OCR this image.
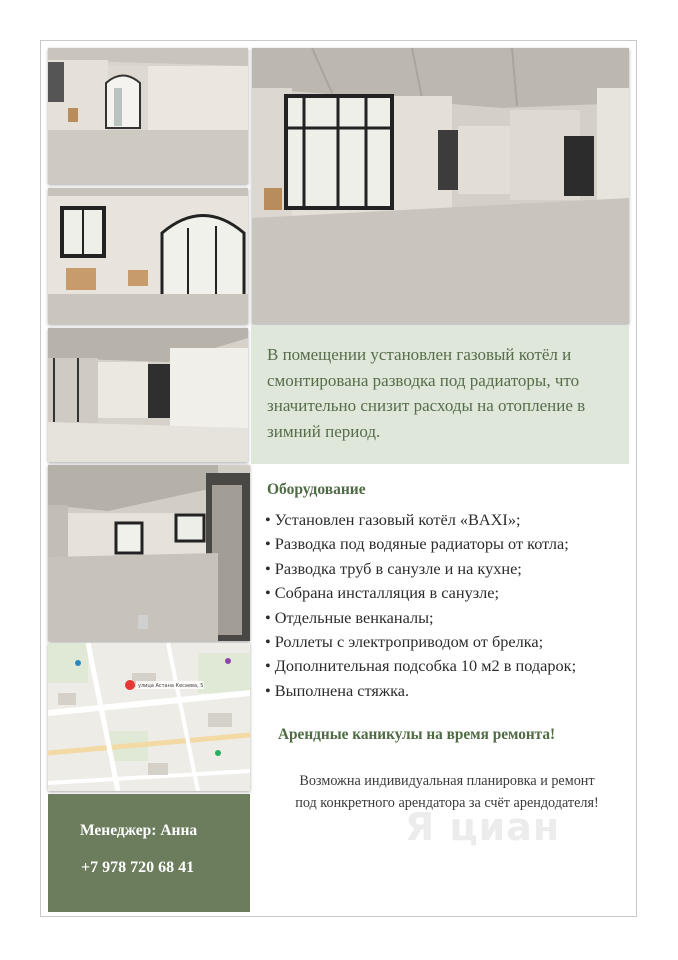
улица Астана Кесаева, 5
В помещении установлен газовый котёл и смонтирована разводка под радиаторы, что значительно снизит расходы на отопление в зимний период.
Оборудование
• Установлен газовый котёл «BAXI»;
• Разводка под водяные радиаторы от котла;
• Разводка труб в санузле и на кухне;
• Собрана инсталляция в санузле;
• Отдельные венканалы;
• Роллеты с электроприводом от брелка;
• Дополнительная подсобка 10 м2 в подарок;
• Выполнена стяжка.
Арендные каникулы на время ремонта!
Возможна индивидуальная планировка и ремонт
под конкретного арендатора за счёт арендодателя!
Я циан
Менеджер: Анна
+7 978 720 68 41
